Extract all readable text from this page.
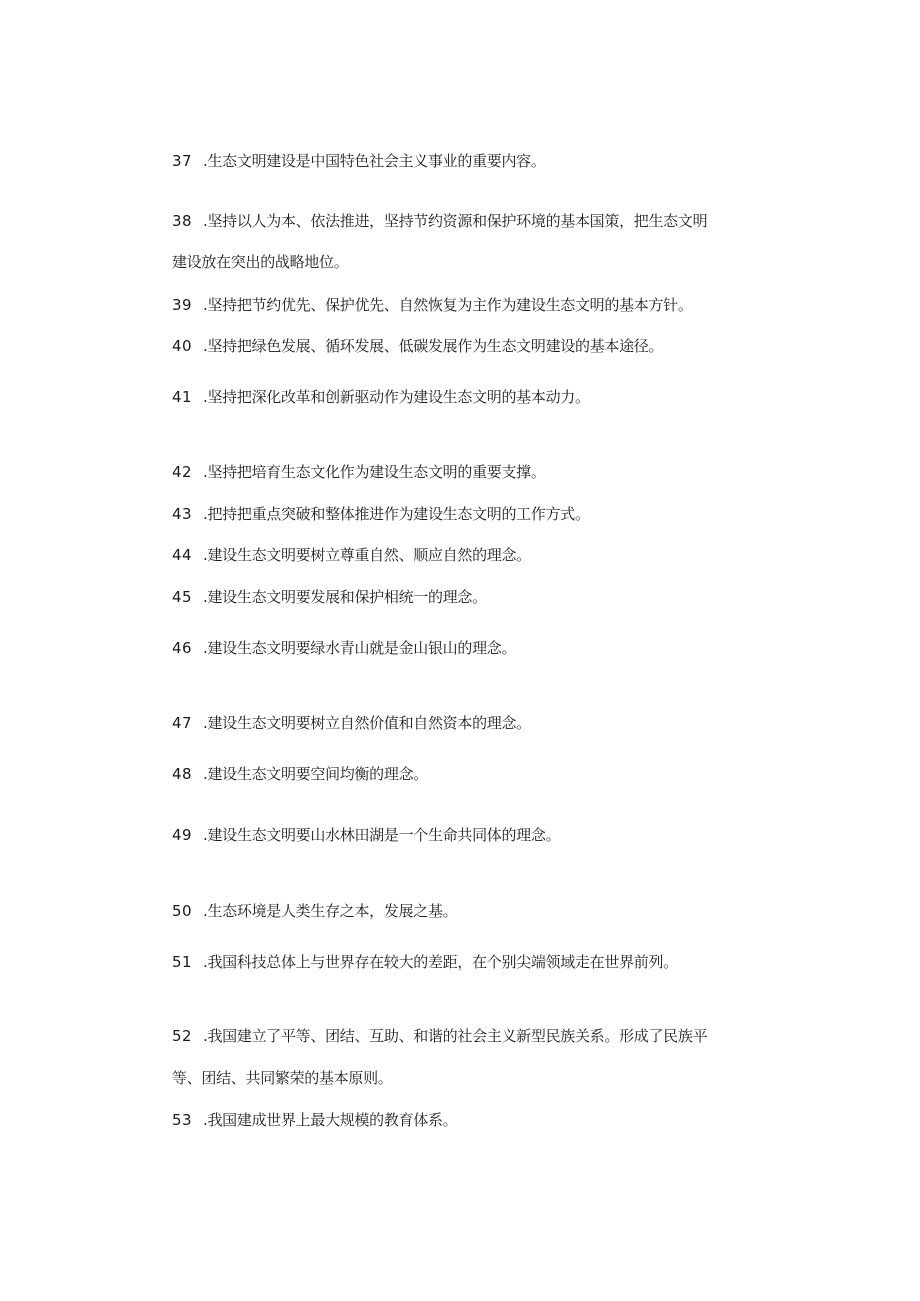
37 .生态文明建设是中国特色社会主义事业的重要内容。
38 .坚持以人为本、依法推进，坚持节约资源和保护环境的基本国策，把生态文明
建设放在突出的战略地位。
39 .坚持把节约优先、保护优先、自然恢复为主作为建设生态文明的基本方针。
40 .坚持把绿色发展、循环发展、低碳发展作为生态文明建设的基本途径。
41 .坚持把深化改革和创新驱动作为建设生态文明的基本动力。
42 .坚持把培育生态文化作为建设生态文明的重要支撑。
43 .把持把重点突破和整体推进作为建设生态文明的工作方式。
44 .建设生态文明要树立尊重自然、顺应自然的理念。
45 .建设生态文明要发展和保护相统一的理念。
46 .建设生态文明要绿水青山就是金山银山的理念。
47 .建设生态文明要树立自然价值和自然资本的理念。
48 .建设生态文明要空间均衡的理念。
49 .建设生态文明要山水林田湖是一个生命共同体的理念。
50 .生态环境是人类生存之本，发展之基。
51 .我国科技总体上与世界存在较大的差距，在个别尖端领域走在世界前列。
52 .我国建立了平等、团结、互助、和谐的社会主义新型民族关系。形成了民族平
等、团结、共同繁荣的基本原则。
53 .我国建成世界上最大规模的教育体系。
